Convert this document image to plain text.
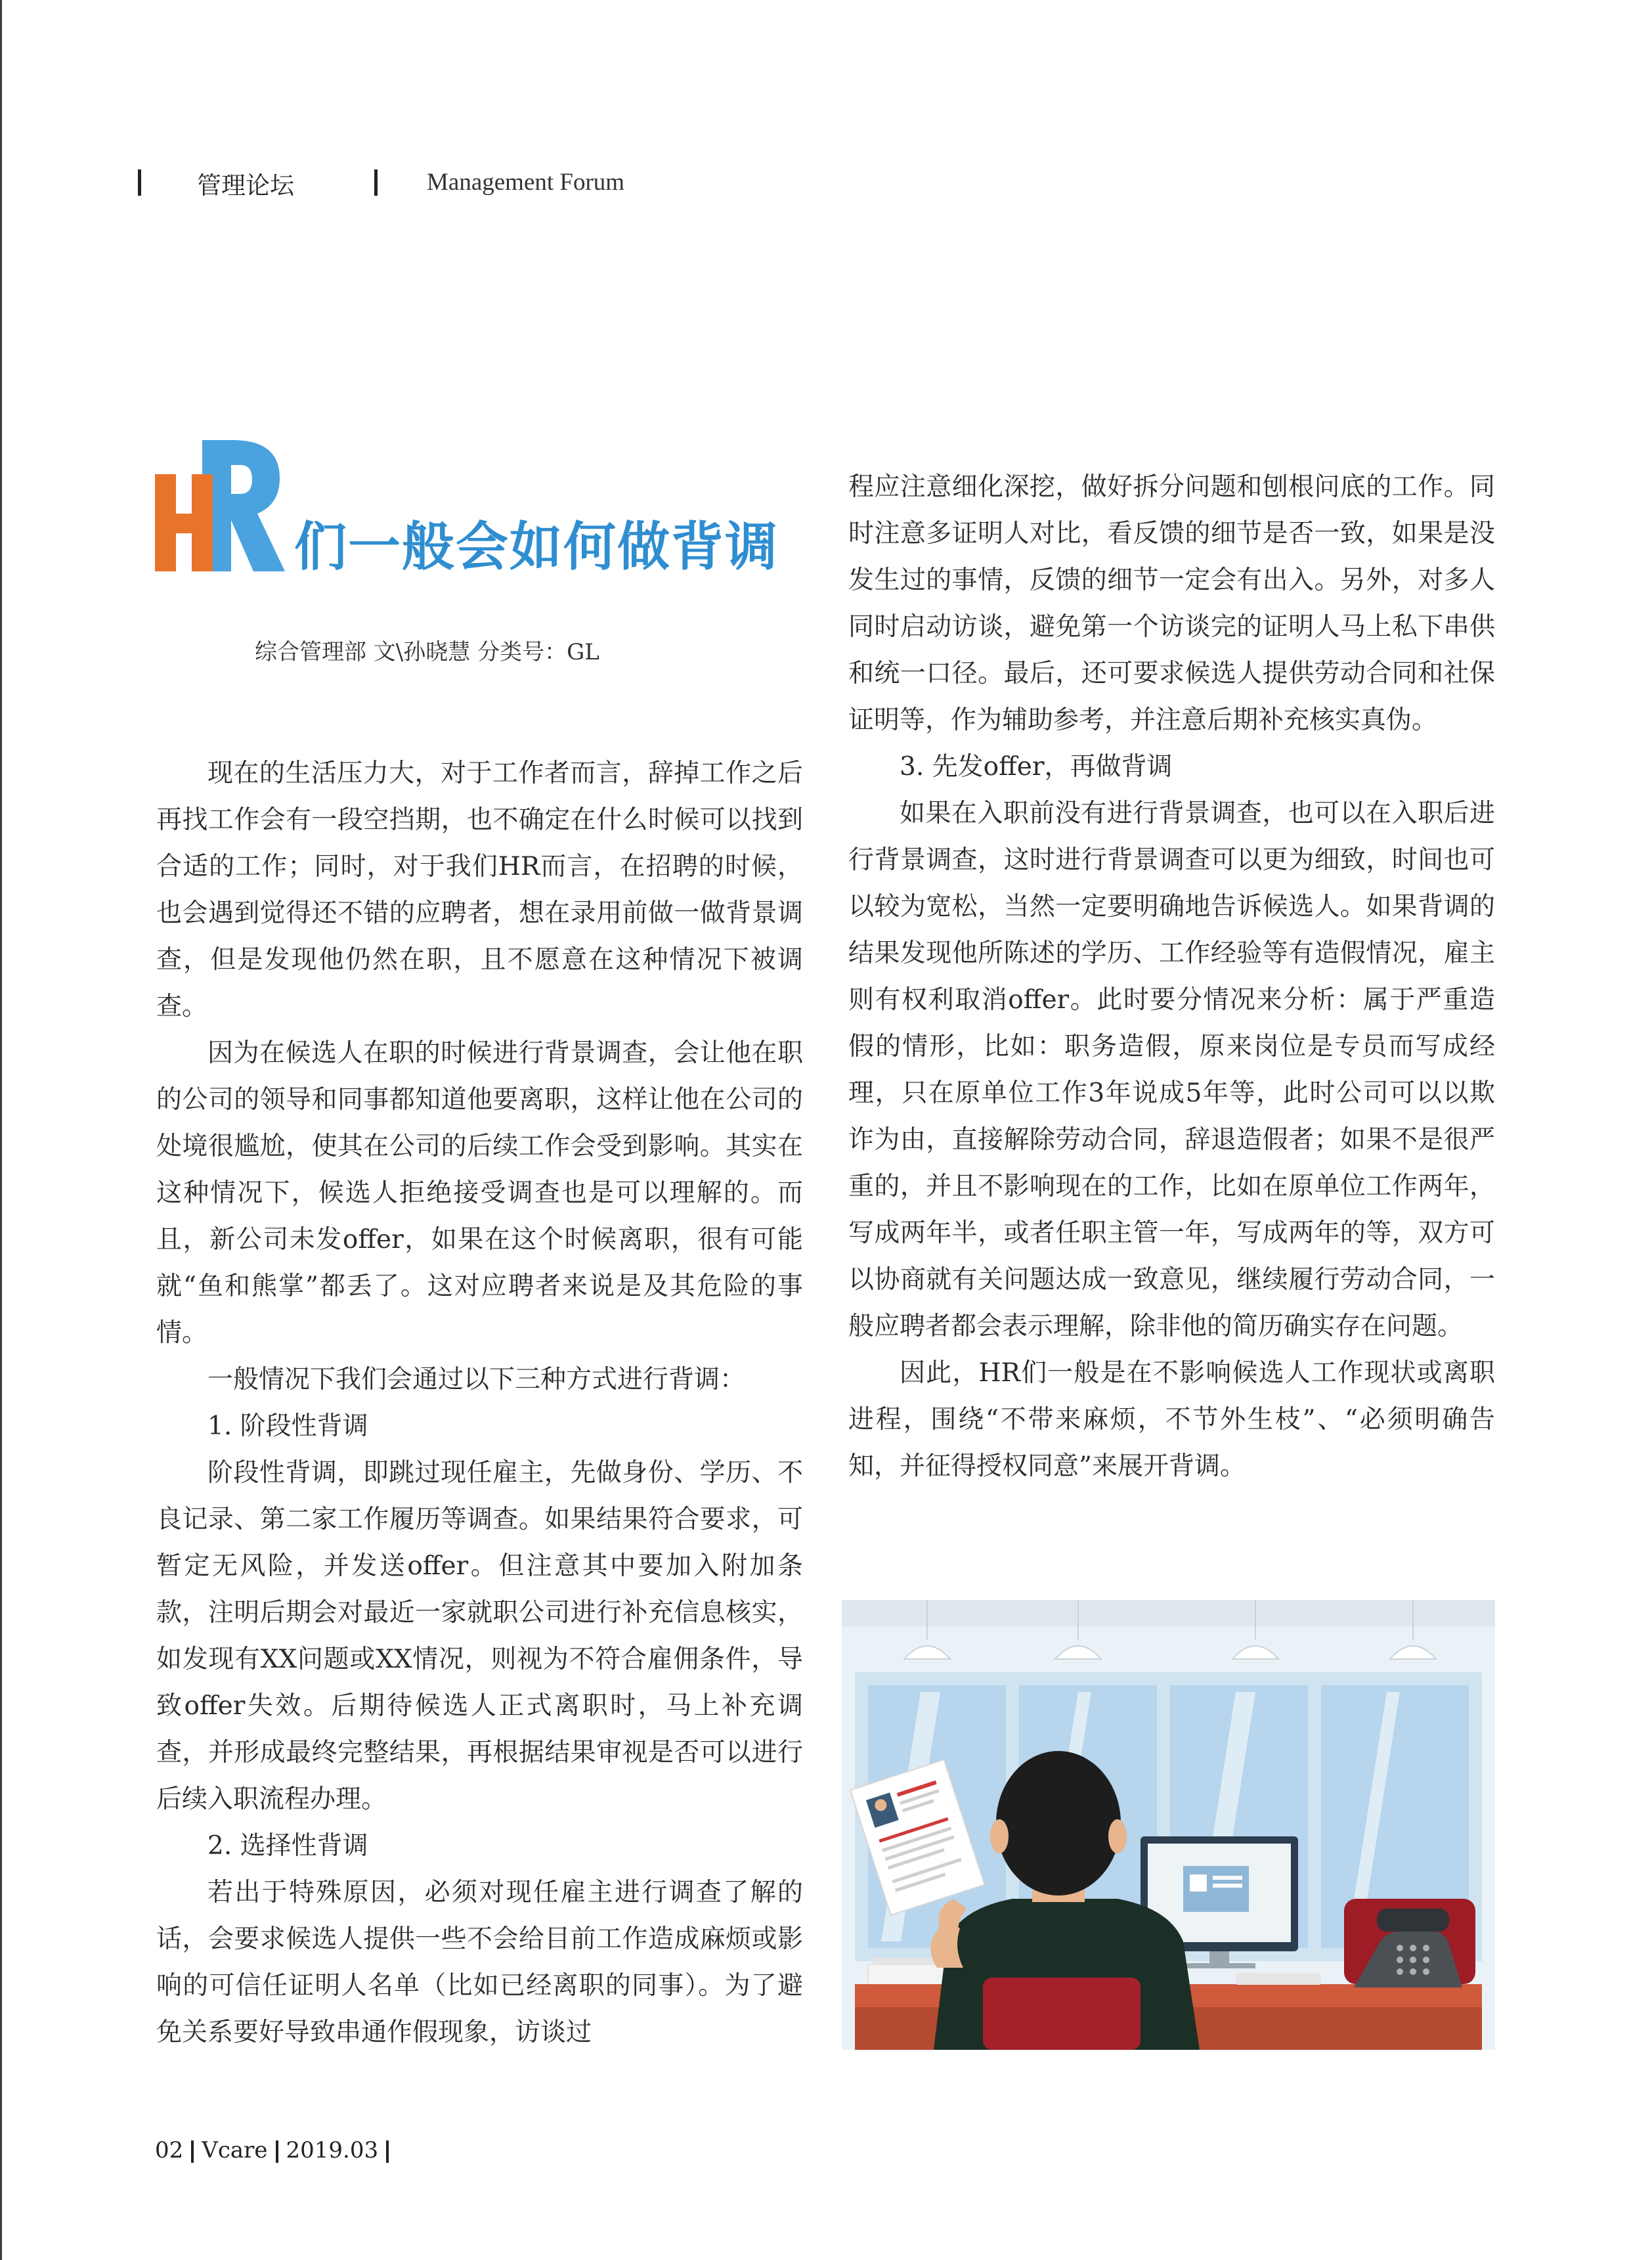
管理论坛	Management Forum
们一般会如何做背调
综合管理部 文\孙晓慧 分类号：GL

现在的生活压力大，对于工作者而言，辞掉工作之后再找工作会有一段空挡期，也不确定在什么时候可以找到合适的工作；同时，对于我们HR而言，在招聘的时候，也会遇到觉得还不错的应聘者，想在录用前做一做背景调查，但是发现他仍然在职，且不愿意在这种情况下被调查。

因为在候选人在职的时候进行背景调查，会让他在职的公司的领导和同事都知道他要离职，这样让他在公司的处境很尴尬，使其在公司的后续工作会受到影响。其实在这种情况下，候选人拒绝接受调查也是可以理解的。而且，新公司未发offer，如果在这个时候离职，很有可能就“鱼和熊掌”都丢了。这对应聘者来说是及其危险的事情。

一般情况下我们会通过以下三种方式进行背调：

1. 阶段性背调

阶段性背调，即跳过现任雇主，先做身份、学历、不良记录、第二家工作履历等调查。如果结果符合要求，可暂定无风险，并发送offer。但注意其中要加入附加条款，注明后期会对最近一家就职公司进行补充信息核实，如发现有XX问题或XX情况，则视为不符合雇佣条件，导致offer失效。后期待候选人正式离职时，马上补充调查，并形成最终完整结果，再根据结果审视是否可以进行后续入职流程办理。

2. 选择性背调

若出于特殊原因，必须对现任雇主进行调查了解的话，会要求候选人提供一些不会给目前工作造成麻烦或影响的可信任证明人名单（比如已经离职的同事）。为了避免关系要好导致串通作假现象，访谈过

程应注意细化深挖，做好拆分问题和刨根问底的工作。同时注意多证明人对比，看反馈的细节是否一致，如果是没发生过的事情，反馈的细节一定会有出入。另外，对多人同时启动访谈，避免第一个访谈完的证明人马上私下串供和统一口径。最后，还可要求候选人提供劳动合同和社保证明等，作为辅助参考，并注意后期补充核实真伪。

3. 先发offer，再做背调

如果在入职前没有进行背景调查，也可以在入职后进行背景调查，这时进行背景调查可以更为细致，时间也可以较为宽松，当然一定要明确地告诉候选人。如果背调的结果发现他所陈述的学历、工作经验等有造假情况，雇主则有权利取消offer。此时要分情况来分析：属于严重造假的情形，比如：职务造假，原来岗位是专员而写成经理，只在原单位工作3年说成5年等，此时公司可以以欺诈为由，直接解除劳动合同，辞退造假者；如果不是很严重的，并且不影响现在的工作，比如在原单位工作两年，写成两年半，或者任职主管一年，写成两年的等，双方可以协商就有关问题达成一致意见，继续履行劳动合同，一般应聘者都会表示理解，除非他的简历确实存在问题。

因此，HR们一般是在不影响候选人工作现状或离职进程，围绕“不带来麻烦，不节外生枝”、“必须明确告知，并征得授权同意”来展开背调。

02 Vcare 2019.03
